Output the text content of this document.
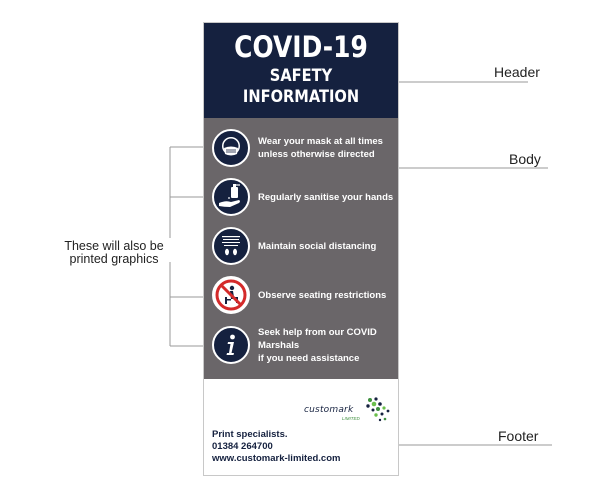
COVID-19
SAFETY
INFORMATION
Wear your mask at all times
unless otherwise directed
Regularly sanitise your hands
Maintain social distancing
Observe seating restrictions
Seek help from our COVID Marshals
if you need assistance
customark
LIMITED
Print specialists.
01384 264700
www.customark-limited.com
Header
Body
Footer
These will also be
printed graphics
